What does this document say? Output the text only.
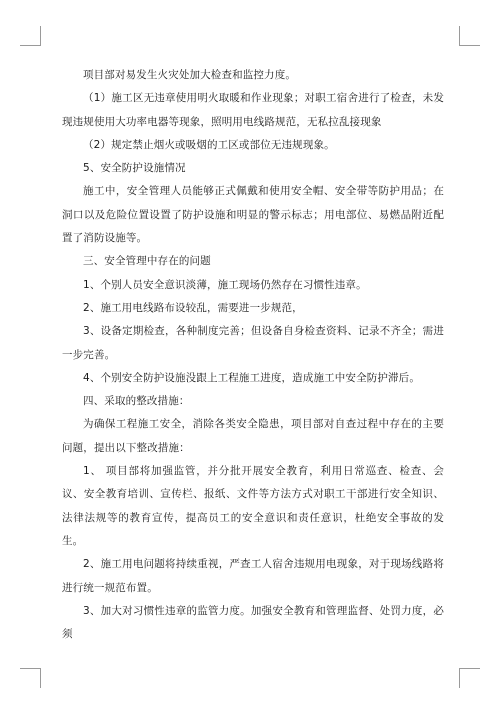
项目部对易发生火灾处加大检查和监控力度。

（1）施工区无违章使用明火取暖和作业现象；对职工宿舍进行了检查，未发现违规使用大功率电器等现象，照明用电线路规范，无私拉乱接现象

（2）规定禁止烟火或吸烟的工区或部位无违规现象。

5、安全防护设施情况

施工中，安全管理人员能够正式佩戴和使用安全帽、安全带等防护用品；在洞口以及危险位置设置了防护设施和明显的警示标志；用电部位、易燃品附近配置了消防设施等。

三、安全管理中存在的问题

1、个别人员安全意识淡薄，施工现场仍然存在习惯性违章。

2、施工用电线路布设较乱，需要进一步规范，

3、设备定期检查，各种制度完善；但设备自身检查资料、记录不齐全；需进一步完善。

4、个别安全防护设施没跟上工程施工进度，造成施工中安全防护滞后。

四、采取的整改措施：

为确保工程施工安全，消除各类安全隐患，项目部对自查过程中存在的主要问题，提出以下整改措施：

1、 项目部将加强监管，并分批开展安全教育，利用日常巡查、检查、会议、安全教育培训、宣传栏、报纸、文件等方法方式对职工干部进行安全知识、法律法规等的教育宣传，提高员工的安全意识和责任意识，杜绝安全事故的发生。

2、施工用电问题将持续重视，严查工人宿舍违规用电现象，对于现场线路将进行统一规范布置。

3、加大对习惯性违章的监管力度。加强安全教育和管理监督、处罚力度，必须
